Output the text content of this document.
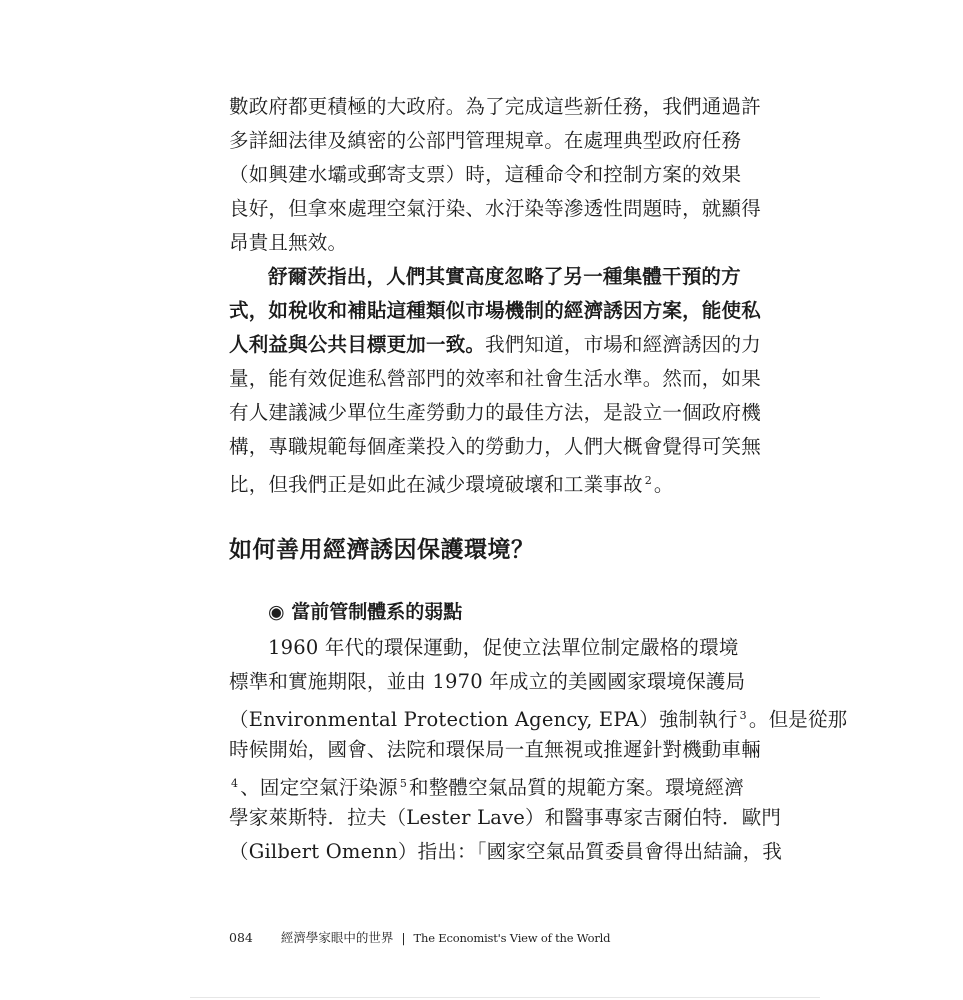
數政府都更積極的大政府。為了完成這些新任務，我們通過許
多詳細法律及縝密的公部門管理規章。在處理典型政府任務
（如興建水壩或郵寄支票）時，這種命令和控制方案的效果
良好，但拿來處理空氣汙染、水汙染等滲透性問題時，就顯得
昂貴且無效。
舒爾茨指出，人們其實高度忽略了另一種集體干預的方
式，如稅收和補貼這種類似市場機制的經濟誘因方案，能使私
人利益與公共目標更加一致。我們知道，市場和經濟誘因的力
量，能有效促進私營部門的效率和社會生活水準。然而，如果
有人建議減少單位生產勞動力的最佳方法，是設立一個政府機
構，專職規範每個產業投入的勞動力，人們大概會覺得可笑無
比，但我們正是如此在減少環境破壞和工業事故 $^2$ 。
如何善用經濟誘因保護環境？
◉ 當前管制體系的弱點
1960 年代的環保運動，促使立法單位制定嚴格的環境
標準和實施期限，並由 1970 年成立的美國國家環境保護局
（Environmental Protection Agency, EPA）強制執行 $^3$ 。但是從那
時候開始，國會、法院和環保局一直無視或推遲針對機動車輛
$^4$ 、固定空氣汙染源 $^5$ 和整體空氣品質的規範方案。環境經濟
學家萊斯特．拉夫（Lester Lave）和醫事專家吉爾伯特．歐門
（Gilbert Omenn）指出：「國家空氣品質委員會得出結論，我
084 經濟學家眼中的世界 | The Economist's View of the World
